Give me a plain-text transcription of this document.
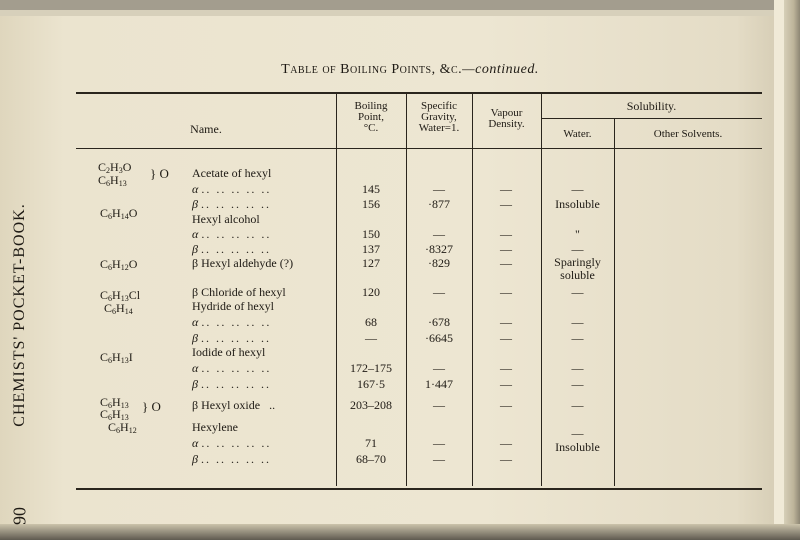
CHEMISTS' POCKET-BOOK.
90
Table of Boiling Points, &c.—continued.
Name.
Boiling
Point,
°C.
Specific
Gravity,
Water=1.
Vapour
Density.
Solubility.
Water.	Other Solvents.
$C_2H_3O$
$C_6H_{13}$
} O
$C_6H_{14}O$
$C_6H_{12}O$
$C_6H_{13}Cl$
$C_6H_{14}$
$C_6H_{13}I$
$C_6H_{13}$
$C_6H_{13}$
} O
$C_6H_{12}$
Acetate of hexyl
α .. .. .. .. ..
β .. .. .. .. ..
Hexyl alcohol
α .. .. .. .. ..
β .. .. .. .. ..
β Hexyl aldehyde (?)
β Chloride of hexyl
Hydride of hexyl
α .. .. .. .. ..
β .. .. .. .. ..
Iodide of hexyl
α .. .. .. .. ..
β .. .. .. .. ..
β Hexyl oxide ..
Hexylene
α .. .. .. .. ..
β .. .. .. .. ..
145
156
150
137
127
120
68
—
172–175
167·5
203–208
71
68–70
—
·877
—
·8327
·829
—
·678
·6645
—
1·447
—
—
—
—
—
—
—
—
—
—
—
—
—
—
—
—
—
Insoluble
"
—
Sparingly
soluble
—
—
—
—
—
—
—
Insoluble
